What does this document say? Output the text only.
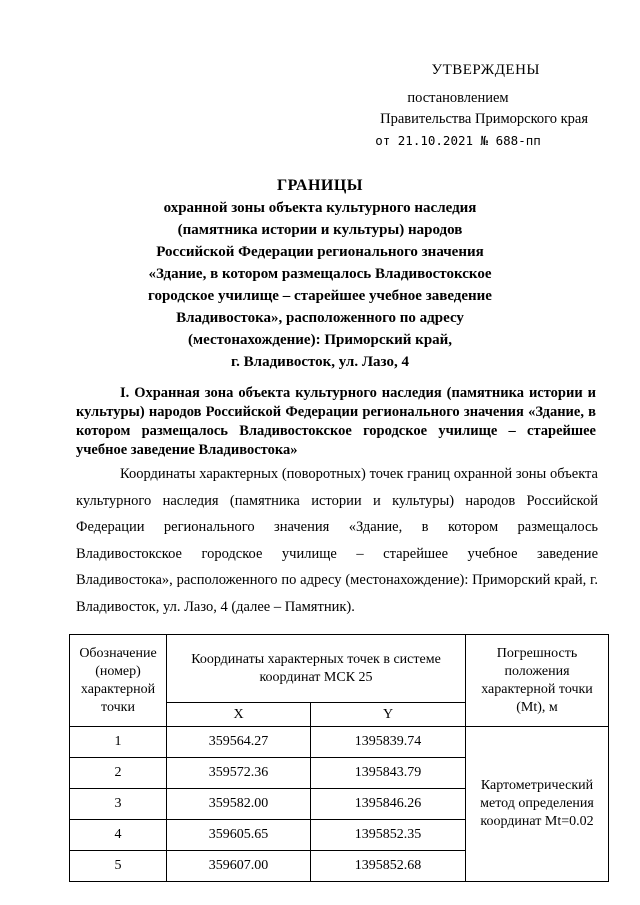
УТВЕРЖДЕНЫ
постановлением
Правительства Приморского края
от 21.10.2021 № 688-пп
ГРАНИЦЫ
охранной зоны объекта культурного наследия
(памятника истории и культуры) народов
Российской Федерации регионального значения
«Здание, в котором размещалось Владивостокское
городское училище – старейшее учебное заведение
Владивостока», расположенного по адресу
(местонахождение): Приморский край,
г. Владивосток, ул. Лазо, 4
I. Охранная зона объекта культурного наследия (памятника истории и культуры) народов Российской Федерации регионального значения «Здание, в котором размещалось Владивостокское городское училище – старейшее учебное заведение Владивостока»
Координаты характерных (поворотных) точек границ охранной зоны объекта культурного наследия (памятника истории и культуры) народов Российской Федерации регионального значения «Здание, в котором размещалось Владивостокское городское училище – старейшее учебное заведение Владивостока», расположенного по адресу (местонахождение): Приморский край, г. Владивосток, ул. Лазо, 4 (далее – Памятник).
Обозначение (номер) характерной точки	Координаты характерных точек в системе координат МСК 25		Погрешность положения характерной точки (Mt), м
	X	Y	
1	359564.27	1395839.74	Картометрический метод определения координат Mt=0.02
2	359572.36	1395843.79	
3	359582.00	1395846.26	
4	359605.65	1395852.35	
5	359607.00	1395852.68	
